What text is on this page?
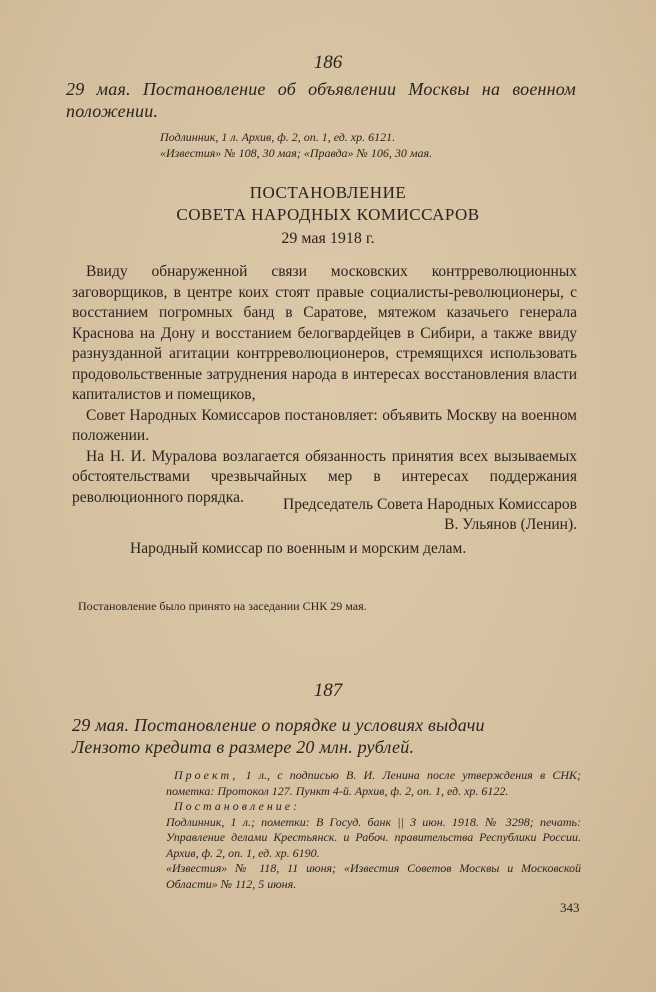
186
29 мая. Постановление об объявлении Москвы на военном положении.
Подлинник, 1 л. Архив, ф. 2, оп. 1, ед. хр. 6121.
«Известия» № 108, 30 мая; «Правда» № 106, 30 мая.
ПОСТАНОВЛЕНИЕ
СОВЕТА НАРОДНЫХ КОМИССАРОВ
29 мая 1918 г.

Ввиду обнаруженной связи московских контрреволюционных заговорщиков, в центре коих стоят правые социалисты-революционеры, с восстанием погромных банд в Саратове, мятежом казачьего генерала Краснова на Дону и восстанием белогвардейцев в Сибири, а также ввиду разнузданной агитации контрреволюционеров, стремящихся использовать продовольственные затруднения народа в интересах восстановления власти капиталистов и помещиков,

Совет Народных Комиссаров постановляет: объявить Москву на военном положении.

На Н. И. Муралова возлагается обязанность принятия всех вызываемых обстоятельствами чрезвычайных мер в интересах поддержания революционного порядка.	Председатель Совета Народных Комиссаров
В. Ульянов (Ленин).
Народный комиссар по военным и морским делам.
Постановление было принято на заседании СНК 29 мая.
187
29 мая. Постановление о порядке и условиях выдачи
Лензото кредита в размере 20 млн. рублей.
Проект, 1 л., с подписью В. И. Ленина после утверждения в СНК; пометка: Протокол 127. Пункт 4-й. Архив, ф. 2, оп. 1, ед. хр. 6122.
Постановление:
Подлинник, 1 л.; пометки: В Госуд. банк || 3 июн. 1918. № 3298; печать: Управление делами Крестьянск. и Рабоч. правительства Республики России. Архив, ф. 2, оп. 1, ед. хр. 6190.
«Известия» № 118, 11 июня; «Известия Советов Москвы и Московской Области» № 112, 5 июня.
343
